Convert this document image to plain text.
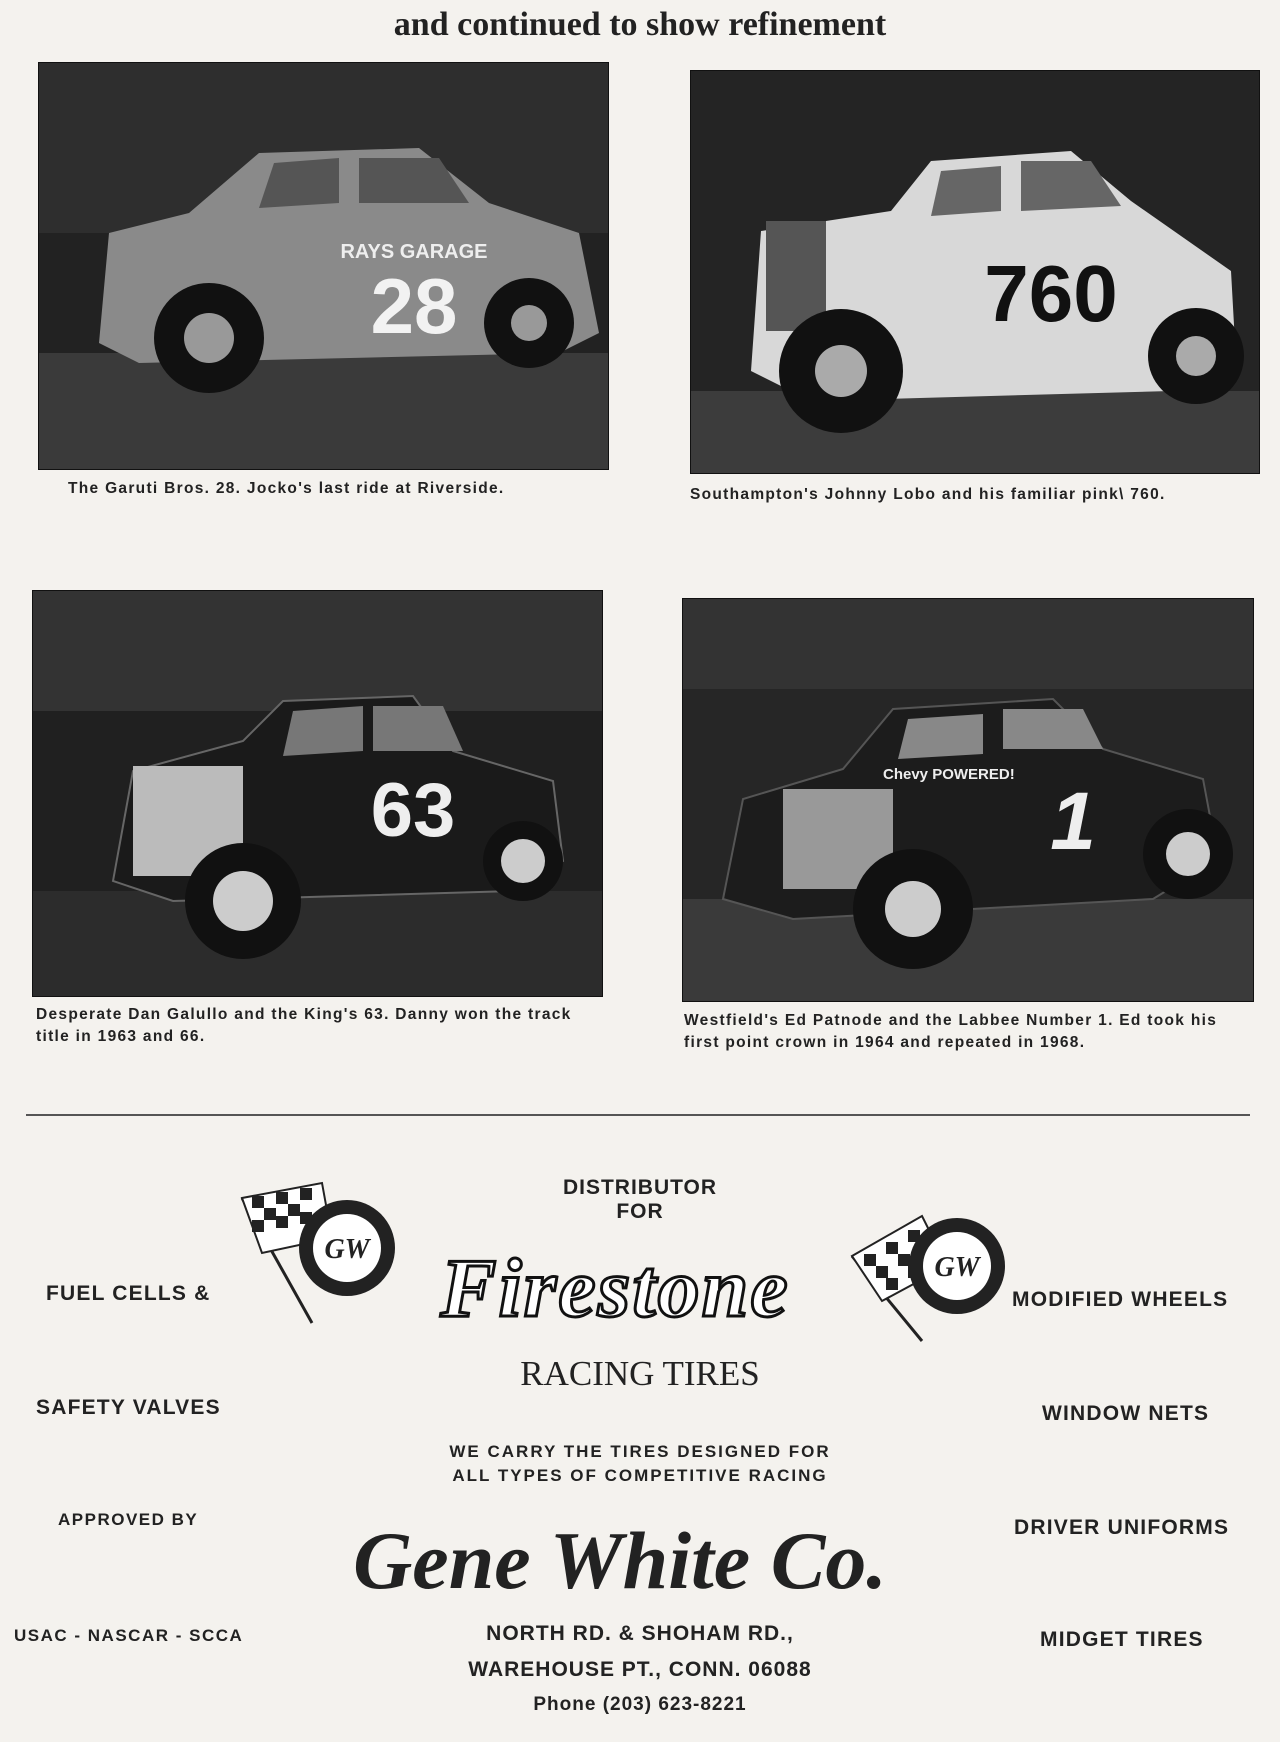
and continued to show refinement
RAYS GARAGE
28
The Garuti Bros. 28. Jocko's last ride at Riverside.
760
Southampton's Johnny Lobo and his familiar pink\ 760.
63
Desperate Dan Galullo and the King's 63. Danny won the track title in 1963 and 66.
Chevy POWERED!
1
Westfield's Ed Patnode and the Labbee Number 1. Ed took his first point crown in 1964 and repeated in 1968.
DISTRIBUTOR
FOR
GW
GW
Firestone
RACING TIRES
FUEL CELLS &
SAFETY VALVES
APPROVED BY
USAC - NASCAR - SCCA
MODIFIED WHEELS
WINDOW NETS
DRIVER UNIFORMS
MIDGET TIRES
WE CARRY THE TIRES DESIGNED FOR
ALL TYPES OF COMPETITIVE RACING
Gene White Co.
NORTH RD. & SHOHAM RD.,
WAREHOUSE PT., CONN. 06088
Phone (203) 623-8221
